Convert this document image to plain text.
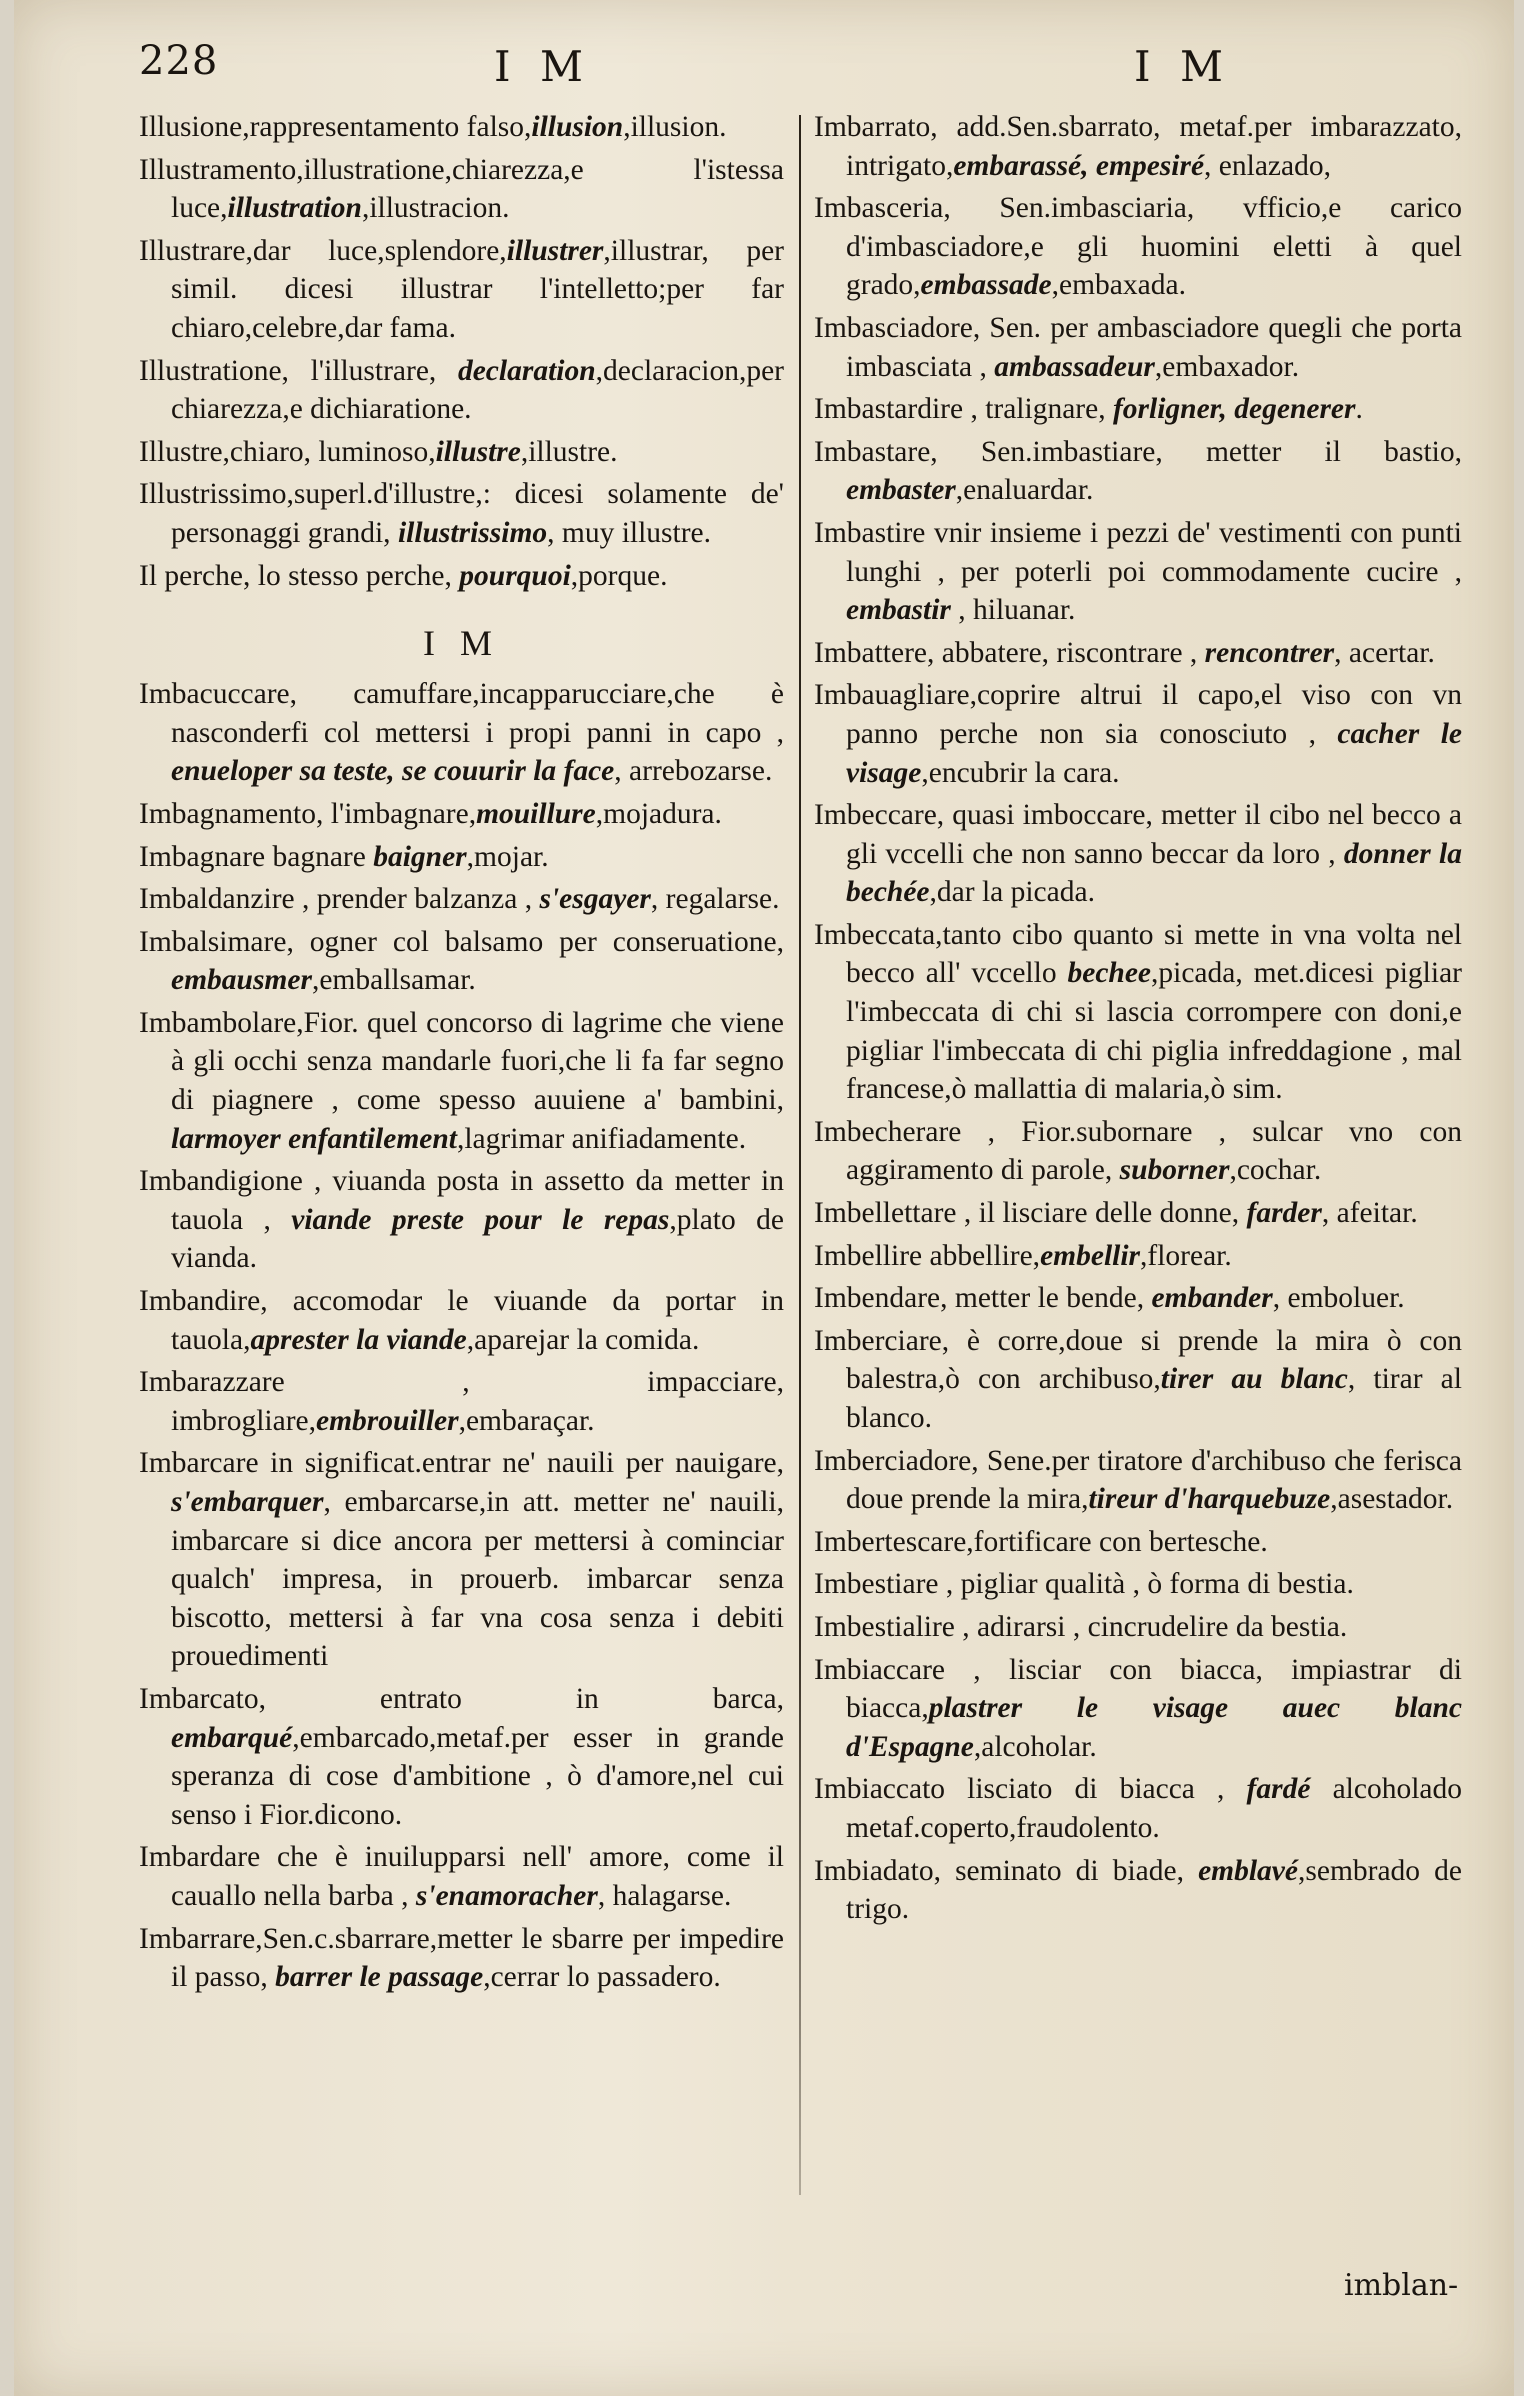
228	I M	I M
Illusione,rappresentamento falso,illusion,illusion.
Illustramento,illustratione,chiarezza,e l'istessa luce,illustration,illustracion.
Illustrare,dar luce,splendore,illustrer,illustrar, per simil. dicesi illustrar l'intelletto;per far chiaro,celebre,dar fama.
Illustratione, l'illustrare, declaration,declaracion,per chiarezza,e dichiaratione.
Illustre,chiaro, luminoso,illustre,illustre.
Illustrissimo,superl.d'illustre,: dicesi solamente de' personaggi grandi, illustrissimo, muy illustre.
Il perche, lo stesso perche, pourquoi,porque.
I M
Imbacuccare, camuffare,incapparucciare,che è nasconderfi col mettersi i propi panni in capo , enueloper sa teste, se couurir la face, arrebozarse.
Imbagnamento, l'imbagnare,mouillure,mojadura.
Imbagnare bagnare baigner,mojar.
Imbaldanzire , prender balzanza , s'esgayer, regalarse.
Imbalsimare, ogner col balsamo per conseruatione, embausmer,emballsamar.
Imbambolare,Fior. quel concorso di lagrime che viene à gli occhi senza mandarle fuori,che li fa far segno di piagnere , come spesso auuiene a' bambini, larmoyer enfantilement,lagrimar anifiadamente.
Imbandigione , viuanda posta in assetto da metter in tauola , viande preste pour le repas,plato de vianda.
Imbandire, accomodar le viuande da portar in tauola,aprester la viande,aparejar la comida.
Imbarazzare , impacciare, imbrogliare,embrouiller,embaraçar.
Imbarcare in significat.entrar ne' nauili per nauigare, s'embarquer, embarcarse,in att. metter ne' nauili, imbarcare si dice ancora per mettersi à cominciar qualch' impresa, in prouerb. imbarcar senza biscotto, mettersi à far vna cosa senza i debiti prouedimenti
Imbarcato, entrato in barca, embarqué,embarcado,metaf.per esser in grande speranza di cose d'ambitione , ò d'amore,nel cui senso i Fior.dicono.
Imbardare che è inuilupparsi nell' amore, come il cauallo nella barba , s'enamoracher, halagarse.
Imbarrare,Sen.c.sbarrare,metter le sbarre per impedire il passo, barrer le passage,cerrar lo passadero.
Imbarrato, add.Sen.sbarrato, metaf.per imbarazzato, intrigato,embarassé, empesiré, enlazado,
Imbasceria, Sen.imbasciaria, vfficio,e carico d'imbasciadore,e gli huomini eletti à quel grado,embassade,embaxada.
Imbasciadore, Sen. per ambasciadore quegli che porta imbasciata , ambassadeur,embaxador.
Imbastardire , tralignare, forligner, degenerer.
Imbastare, Sen.imbastiare, metter il bastio, embaster,enaluardar.
Imbastire vnir insieme i pezzi de' vestimenti con punti lunghi , per poterli poi commodamente cucire , embastir , hiluanar.
Imbattere, abbatere, riscontrare , rencontrer, acertar.
Imbauagliare,coprire altrui il capo,el viso con vn panno perche non sia conosciuto , cacher le visage,encubrir la cara.
Imbeccare, quasi imboccare, metter il cibo nel becco a gli vccelli che non sanno beccar da loro , donner la bechée,dar la picada.
Imbeccata,tanto cibo quanto si mette in vna volta nel becco all' vccello bechee,picada, met.dicesi pigliar l'imbeccata di chi si lascia corrompere con doni,e pigliar l'imbeccata di chi piglia infreddagione , mal francese,ò mallattia di malaria,ò sim.
Imbecherare , Fior.subornare , sulcar vno con aggiramento di parole, suborner,cochar.
Imbellettare , il lisciare delle donne, farder, afeitar.
Imbellire abbellire,embellir,florear.
Imbendare, metter le bende, embander, emboluer.
Imberciare, è corre,doue si prende la mira ò con balestra,ò con archibuso,tirer au blanc, tirar al blanco.
Imberciadore, Sene.per tiratore d'archibuso che ferisca doue prende la mira,tireur d'harquebuze,asestador.
Imbertescare,fortificare con bertesche.
Imbestiare , pigliar qualità , ò forma di bestia.
Imbestialire , adirarsi , cincrudelire da bestia.
Imbiaccare , lisciar con biacca, impiastrar di biacca,plastrer le visage auec blanc d'Espagne,alcoholar.
Imbiaccato lisciato di biacca , fardé alcoholado metaf.coperto,fraudolento.
Imbiadato, seminato di biade, emblavé,sembrado de trigo.
imblan-
